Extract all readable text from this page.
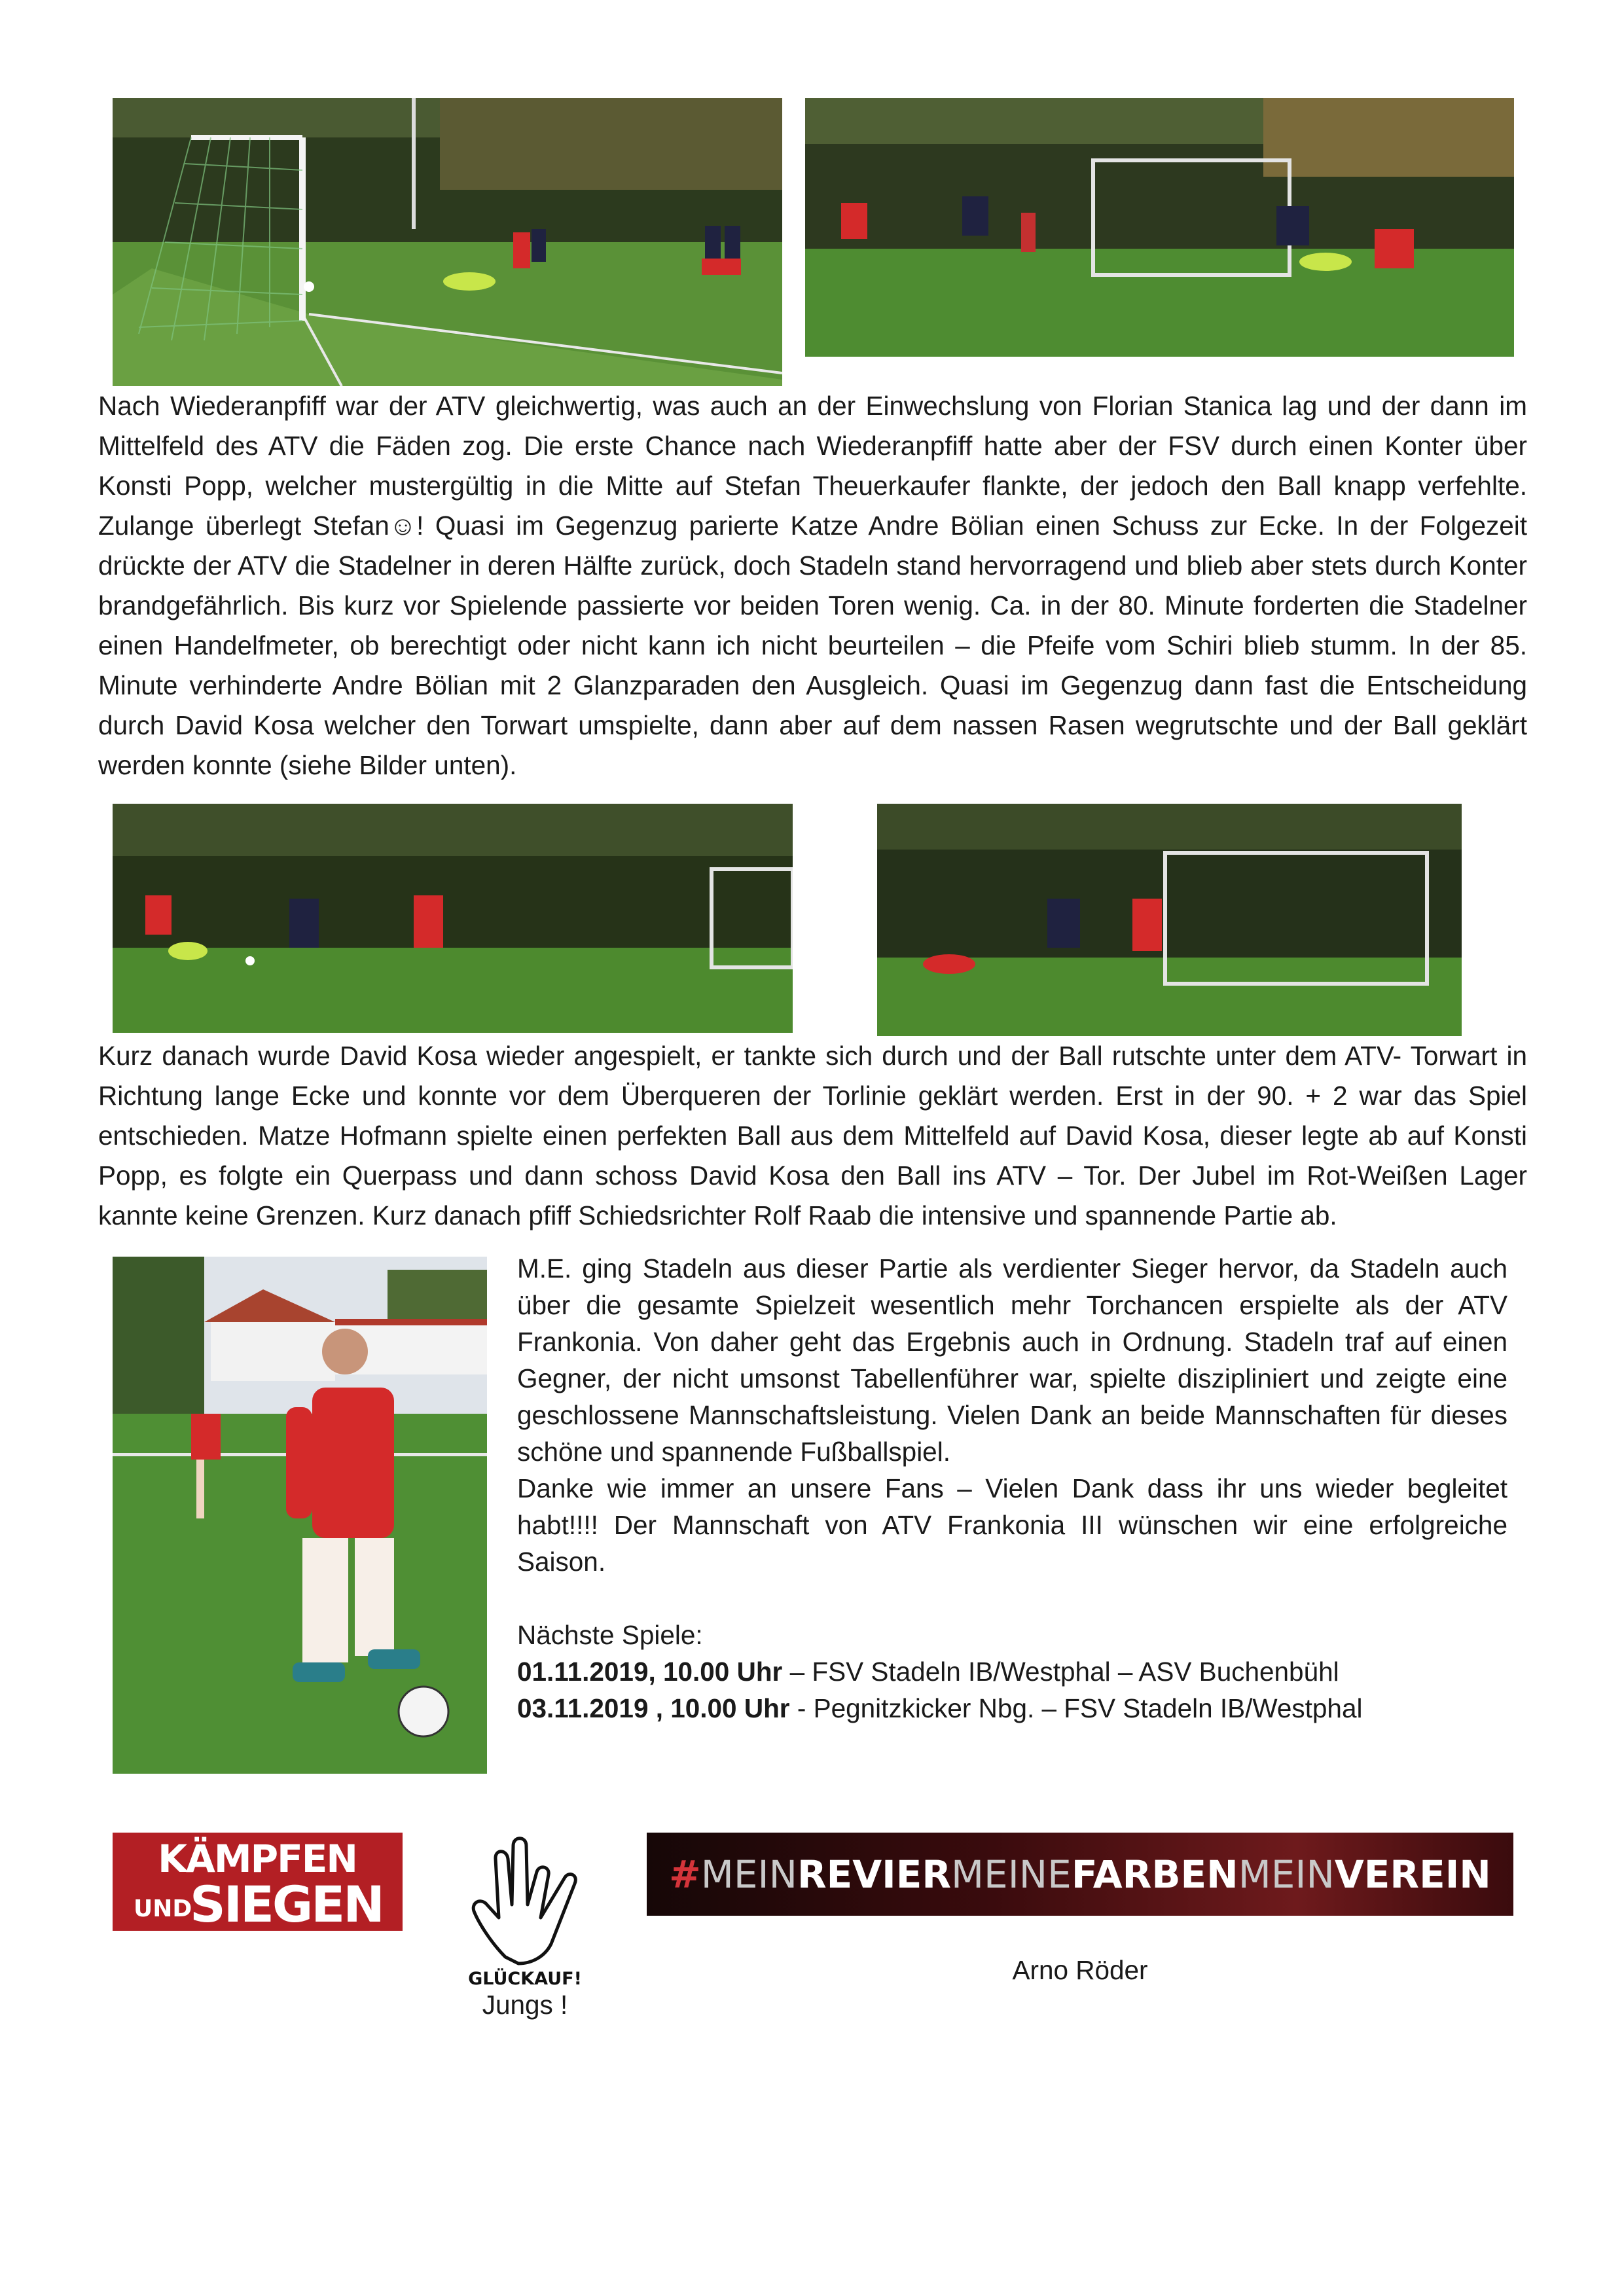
Nach Wiederanpfiff war der ATV gleichwertig, was auch an der Einwechslung von Florian Stanica lag und der dann im Mittelfeld des ATV die Fäden zog. Die erste Chance nach Wiederanpfiff hatte aber der FSV durch einen Konter über Konsti Popp, welcher mustergültig in die Mitte auf Stefan Theuerkaufer flankte, der jedoch den Ball knapp verfehlte. Zulange überlegt Stefan☺! Quasi im Gegenzug parierte Katze Andre Bölian einen Schuss zur Ecke. In der Folgezeit drückte der ATV die Stadelner in deren Hälfte zurück, doch Stadeln stand hervorragend und blieb aber stets durch Konter brandgefährlich. Bis kurz vor Spielende passierte vor beiden Toren wenig. Ca. in der 80. Minute forderten die Stadelner einen Handelfmeter, ob berechtigt oder nicht kann ich nicht beurteilen – die Pfeife vom Schiri blieb stumm. In der 85. Minute verhinderte Andre Bölian mit 2 Glanzparaden den Ausgleich. Quasi im Gegenzug dann fast die Entscheidung durch David Kosa welcher den Torwart umspielte, dann aber auf dem nassen Rasen wegrutschte und der Ball geklärt werden konnte (siehe Bilder unten).

Kurz danach wurde David Kosa wieder angespielt, er tankte sich durch und der Ball rutschte unter dem ATV- Torwart in Richtung lange Ecke und konnte vor dem Überqueren der Torlinie geklärt werden. Erst in der 90. + 2 war das Spiel entschieden. Matze Hofmann spielte einen perfekten Ball aus dem Mittelfeld auf David Kosa, dieser legte ab auf Konsti Popp, es folgte ein Querpass und dann schoss David Kosa den Ball ins ATV – Tor. Der Jubel im Rot-Weißen Lager kannte keine Grenzen. Kurz danach pfiff Schiedsrichter Rolf Raab die intensive und spannende Partie ab.

M.E. ging Stadeln aus dieser Partie als verdienter Sieger hervor, da Stadeln auch über die gesamte Spielzeit wesentlich mehr Torchancen erspielte als der ATV Frankonia. Von daher geht das Ergebnis auch in Ordnung. Stadeln traf auf einen Gegner, der nicht umsonst Tabellenführer war, spielte diszipliniert und zeigte eine geschlossene Mannschaftsleistung. Vielen Dank an beide Mannschaften für dieses schöne und spannende Fußballspiel.

Danke wie immer an unsere Fans – Vielen Dank dass ihr uns wieder begleitet habt!!!! Der Mannschaft von ATV Frankonia III wünschen wir eine erfolgreiche Saison.

Nächste Spiele:

01.11.2019, 10.00 Uhr – FSV Stadeln IB/Westphal – ASV Buchenbühl

03.11.2019 , 10.00 Uhr - Pegnitzkicker Nbg. – FSV Stadeln IB/Westphal

KÄMPFEN
UND
SIEGEN
GLÜCKAUF!
Jungs !
# MEIN REVIER MEINE FARBEN MEIN VEREIN
Arno Röder
